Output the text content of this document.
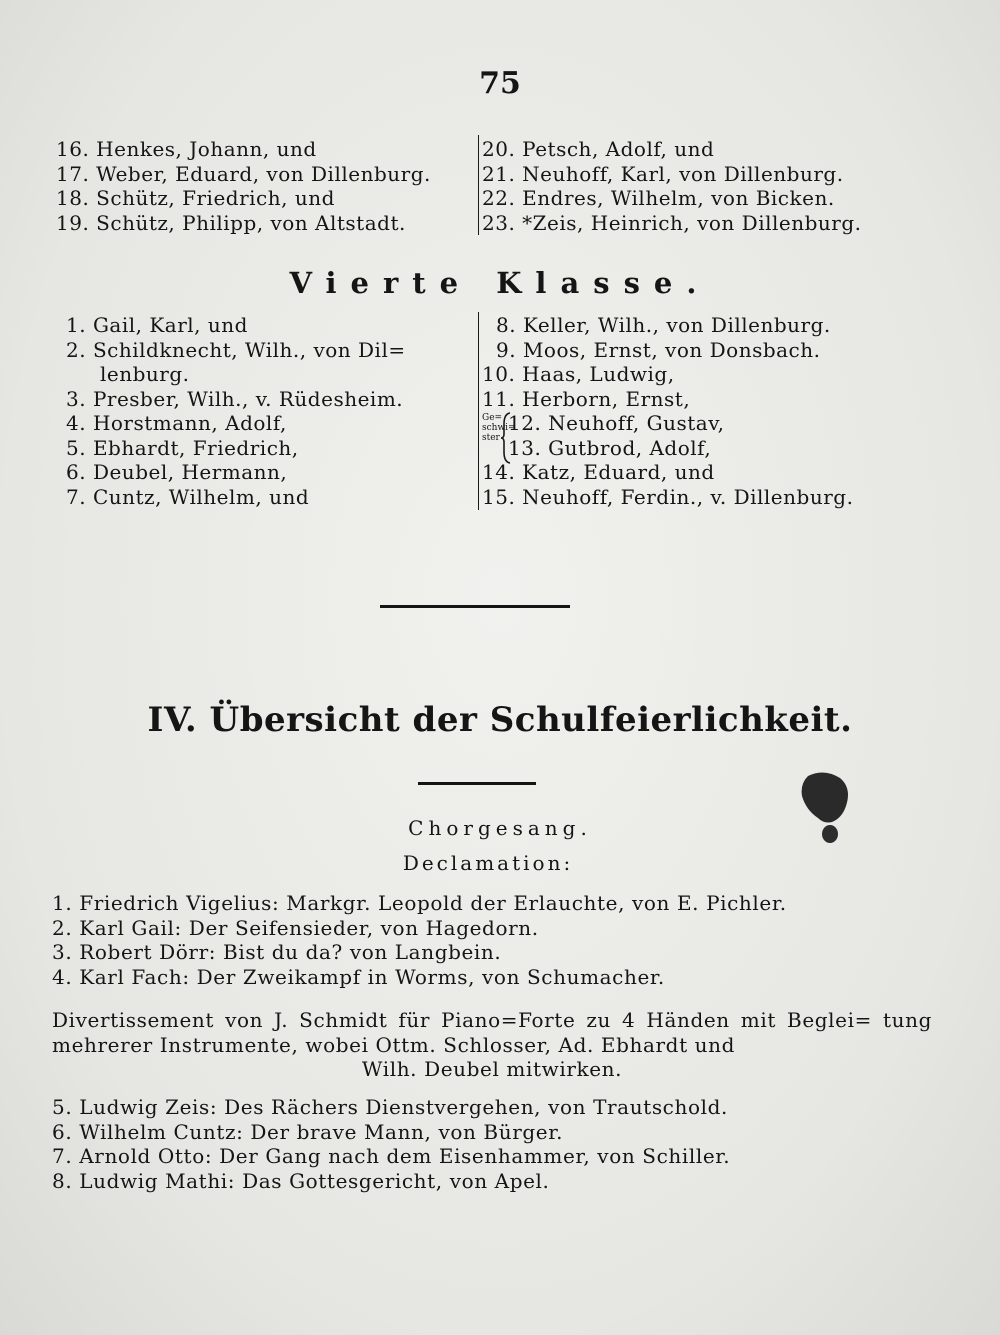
75
16. Henkes, Johann, und
17. Weber, Eduard, von Dillenburg.
18. Schütz, Friedrich, und
19. Schütz, Philipp, von Altstadt.
20. Petsch, Adolf, und
21. Neuhoff, Karl, von Dillenburg.
22. Endres, Wilhelm, von Bicken.
23. *Zeis, Heinrich, von Dillenburg.
Vierte Klasse.
1. Gail, Karl, und
2. Schildknecht, Wilh., von Dil=
lenburg.
3. Presber, Wilh., v. Rüdesheim.
4. Horstmann, Adolf,
5. Ebhardt, Friedrich,
6. Deubel, Hermann,
7. Cuntz, Wilhelm, und
8. Keller, Wilh., von Dillenburg.
9. Moos, Ernst, von Donsbach.
10. Haas, Ludwig,
11. Herborn, Ernst,
12. Neuhoff, Gustav,
13. Gutbrod, Adolf,
14. Katz, Eduard, und
15. Neuhoff, Ferdin., v. Dillenburg.
Ge=
schwi=
ster
IV. Übersicht der Schulfeierlichkeit.
Chorgesang.
Declamation:
1. Friedrich Vigelius: Markgr. Leopold der Erlauchte, von E. Pichler.
2. Karl Gail: Der Seifensieder, von Hagedorn.
3. Robert Dörr: Bist du da? von Langbein.
4. Karl Fach: Der Zweikampf in Worms, von Schumacher.
Divertissement von J. Schmidt für Piano=Forte zu 4 Händen mit Beglei= tung mehrerer Instrumente, wobei Ottm. Schlosser, Ad. Ebhardt und
Wilh. Deubel mitwirken.
5. Ludwig Zeis: Des Rächers Dienstvergehen, von Trautschold.
6. Wilhelm Cuntz: Der brave Mann, von Bürger.
7. Arnold Otto: Der Gang nach dem Eisenhammer, von Schiller.
8. Ludwig Mathi: Das Gottesgericht, von Apel.
